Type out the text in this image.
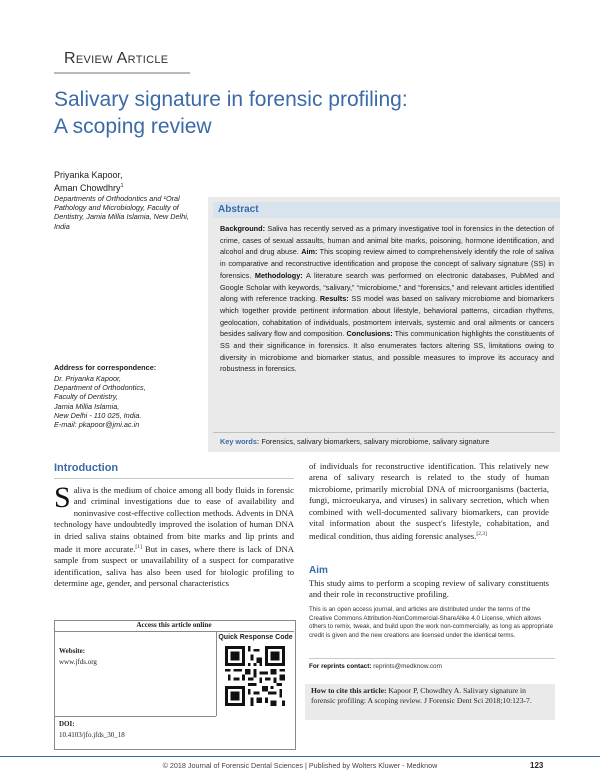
Review Article
Salivary signature in forensic profiling:
A scoping review
Priyanka Kapoor,
Aman Chowdhry$^1$
Departments of Orthodontics and ¹Oral Pathology and Microbiology, Faculty of Dentistry, Jamia Millia Islamia, New Delhi, India
Address for correspondence:
Dr. Priyanka Kapoor,
Department of Orthodontics,
Faculty of Dentistry,
Jamia Millia Islamia,
New Delhi - 110 025, India.
E-mail: pkapoor@jmi.ac.in
Abstract
Background: Saliva has recently served as a primary investigative tool in forensics in the detection of crime, cases of sexual assaults, human and animal bite marks, poisoning, hormone identification, and alcohol and drug abuse. Aim: This scoping review aimed to comprehensively identify the role of saliva in comparative and reconstructive identification and propose the concept of salivary signature (SS) in forensics. Methodology: A literature search was performed on electronic databases, PubMed and Google Scholar with keywords, “salivary,” “microbiome,” and “forensics,” and relevant articles identified along with reference tracking. Results: SS model was based on salivary microbiome and biomarkers which together provide pertinent information about lifestyle, behavioral patterns, circadian rhythms, geolocation, cohabitation of individuals, postmortem intervals, systemic and oral ailments or cancers besides salivary flow and composition. Conclusions: This communication highlights the constituents of SS and their significance in forensics. It also enumerates factors altering SS, limitations owing to diversity in microbiome and biomarker status, and possible measures to improve its accuracy and robustness in forensics.
Key words: Forensics, salivary biomarkers, salivary microbiome, salivary signature
Introduction
Saliva is the medium of choice among all body fluids in forensic and criminal investigations due to ease of availability and noninvasive cost-effective collection methods. Advents in DNA technology have undoubtedly improved the isolation of human DNA in dried saliva stains obtained from bite marks and lip prints and made it more accurate.[1] But in cases, where there is lack of DNA sample from suspect or unavailability of a suspect for comparative identification, saliva has also been used for biologic profiling to determine age, gender, and personal characteristics
of individuals for reconstructive identification. This relatively new arena of salivary research is related to the study of human microbiome, primarily microbial DNA of microorganisms (bacteria, fungi, microeukarya, and viruses) in salivary secretion, which when combined with well-documented salivary biomarkers, can provide vital information about the suspect's lifestyle, cohabitation, and medical condition, thus aiding forensic analyses.[2,3]
Aim
This study aims to perform a scoping review of salivary constituents and their role in reconstructive profiling.
Access this article online
Quick Response Code
Website:
www.jfds.org
DOI:
10.4103/jfo.jfds_30_18
This is an open access journal, and articles are distributed under the terms of the Creative Commons Attribution-NonCommercial-ShareAlike 4.0 License, which allows others to remix, tweak, and build upon the work non-commercially, as long as appropriate credit is given and the new creations are licensed under the identical terms.
For reprints contact: reprints@medknow.com
How to cite this article: Kapoor P, Chowdhry A. Salivary signature in forensic profiling: A scoping review. J Forensic Dent Sci 2018;10:123-7.
© 2018 Journal of Forensic Dental Sciences | Published by Wolters Kluwer - Medknow	123
